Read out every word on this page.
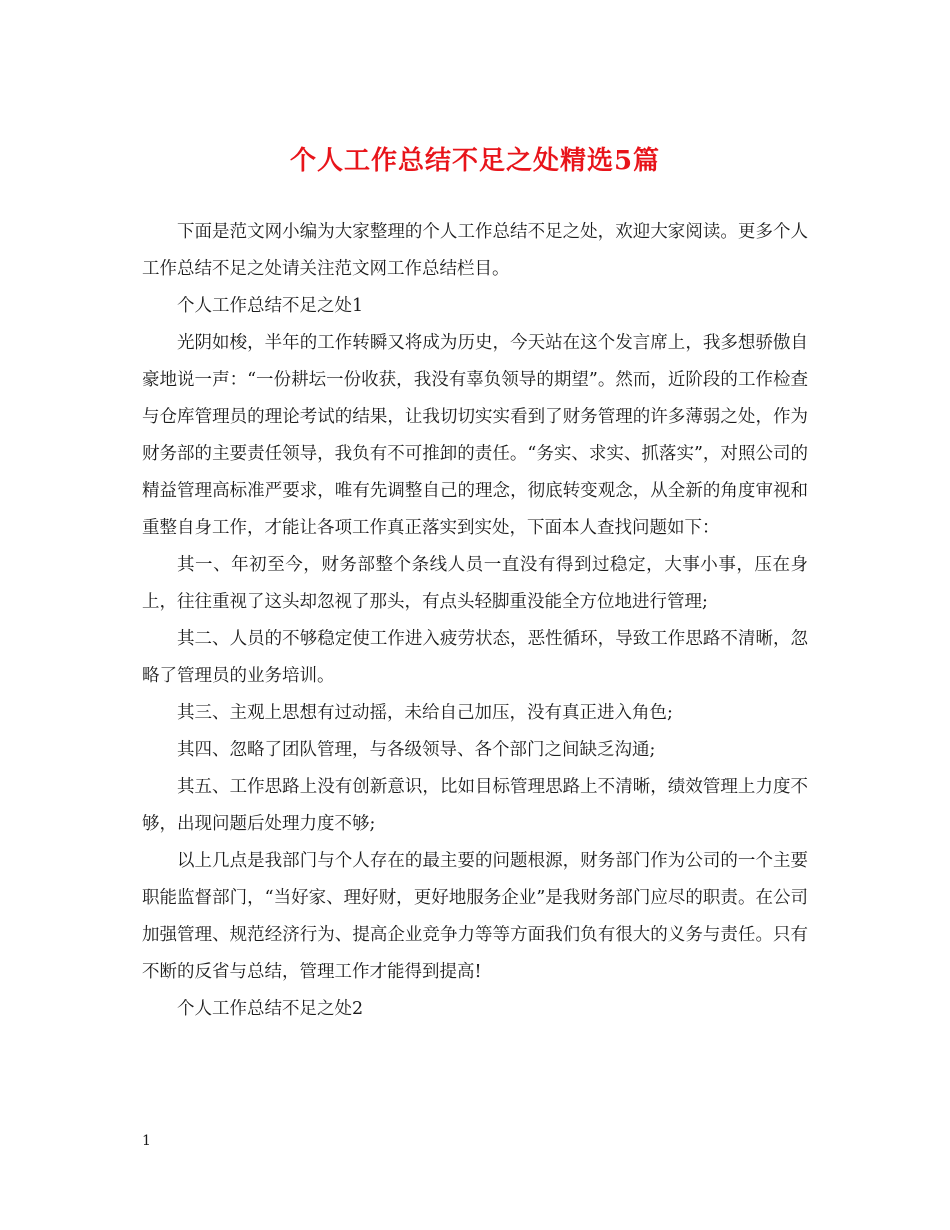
个人工作总结不足之处精选5篇

下面是范文网小编为大家整理的个人工作总结不足之处，欢迎大家阅读。更多个人工作总结不足之处请关注范文网工作总结栏目。

个人工作总结不足之处1

光阴如梭，半年的工作转瞬又将成为历史，今天站在这个发言席上，我多想骄傲自豪地说一声：“一份耕坛一份收获，我没有辜负领导的期望”。然而，近阶段的工作检查与仓库管理员的理论考试的结果，让我切切实实看到了财务管理的许多薄弱之处，作为财务部的主要责任领导，我负有不可推卸的责任。“务实、求实、抓落实”，对照公司的精益管理高标准严要求，唯有先调整自己的理念，彻底转变观念，从全新的角度审视和重整自身工作，才能让各项工作真正落实到实处，下面本人查找问题如下：

其一、年初至今，财务部整个条线人员一直没有得到过稳定，大事小事，压在身上，往往重视了这头却忽视了那头，有点头轻脚重没能全方位地进行管理;

其二、人员的不够稳定使工作进入疲劳状态，恶性循环，导致工作思路不清晰，忽略了管理员的业务培训。

其三、主观上思想有过动摇，未给自己加压，没有真正进入角色;

其四、忽略了团队管理，与各级领导、各个部门之间缺乏沟通;

其五、工作思路上没有创新意识，比如目标管理思路上不清晰，绩效管理上力度不够，出现问题后处理力度不够;

以上几点是我部门与个人存在的最主要的问题根源，财务部门作为公司的一个主要职能监督部门，“当好家、理好财，更好地服务企业”是我财务部门应尽的职责。在公司加强管理、规范经济行为、提高企业竞争力等等方面我们负有很大的义务与责任。只有不断的反省与总结，管理工作才能得到提高!

个人工作总结不足之处2

1
